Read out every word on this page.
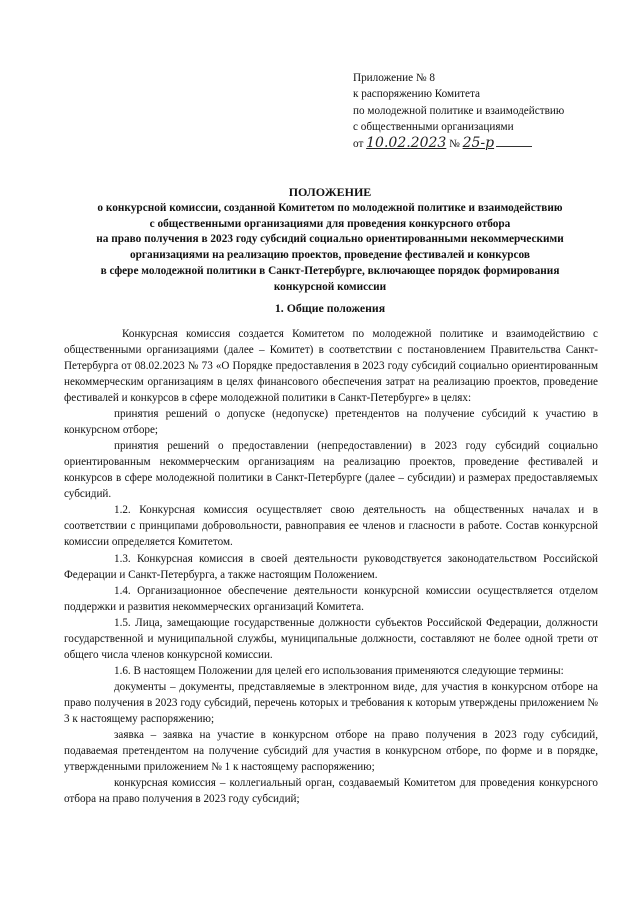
Приложение № 8
к распоряжению Комитета
по молодежной политике и взаимодействию
с общественными организациями
от 10.02.2023 № 25-р
ПОЛОЖЕНИЕ
о конкурсной комиссии, созданной Комитетом по молодежной политике и взаимодействию
с общественными организациями для проведения конкурсного отбора
на право получения в 2023 году субсидий социально ориентированными некоммерческими
организациями на реализацию проектов, проведение фестивалей и конкурсов
в сфере молодежной политики в Санкт-Петербурге, включающее порядок формирования
конкурсной комиссии
1. Общие положения

Конкурсная комиссия создается Комитетом по молодежной политике и взаимодействию с общественными организациями (далее – Комитет) в соответствии с постановлением Правительства Санкт-Петербурга от 08.02.2023 № 73 «О Порядке предоставления в 2023 году субсидий социально ориентированным некоммерческим организациям в целях финансового обеспечения затрат на реализацию проектов, проведение фестивалей и конкурсов в сфере молодежной политики в Санкт-Петербурге» в целях:

принятия решений о допуске (недопуске) претендентов на получение субсидий к участию в конкурсном отборе;

принятия решений о предоставлении (непредоставлении) в 2023 году субсидий социально ориентированным некоммерческим организациям на реализацию проектов, проведение фестивалей и конкурсов в сфере молодежной политики в Санкт-Петербурге (далее – субсидии) и размерах предоставляемых субсидий.

1.2. Конкурсная комиссия осуществляет свою деятельность на общественных началах и в соответствии с принципами добровольности, равноправия ее членов и гласности в работе. Состав конкурсной комиссии определяется Комитетом.

1.3. Конкурсная комиссия в своей деятельности руководствуется законодательством Российской Федерации и Санкт-Петербурга, а также настоящим Положением.

1.4. Организационное обеспечение деятельности конкурсной комиссии осуществляется отделом поддержки и развития некоммерческих организаций Комитета.

1.5. Лица, замещающие государственные должности субъектов Российской Федерации, должности государственной и муниципальной службы, муниципальные должности, составляют не более одной трети от общего числа членов конкурсной комиссии.

1.6. В настоящем Положении для целей его использования применяются следующие термины:

документы – документы, представляемые в электронном виде, для участия в конкурсном отборе на право получения в 2023 году субсидий, перечень которых и требования к которым утверждены приложением № 3 к настоящему распоряжению;

заявка – заявка на участие в конкурсном отборе на право получения в 2023 году субсидий, подаваемая претендентом на получение субсидий для участия в конкурсном отборе, по форме и в порядке, утвержденными приложением № 1 к настоящему распоряжению;

конкурсная комиссия – коллегиальный орган, создаваемый Комитетом для проведения конкурсного отбора на право получения в 2023 году субсидий;
